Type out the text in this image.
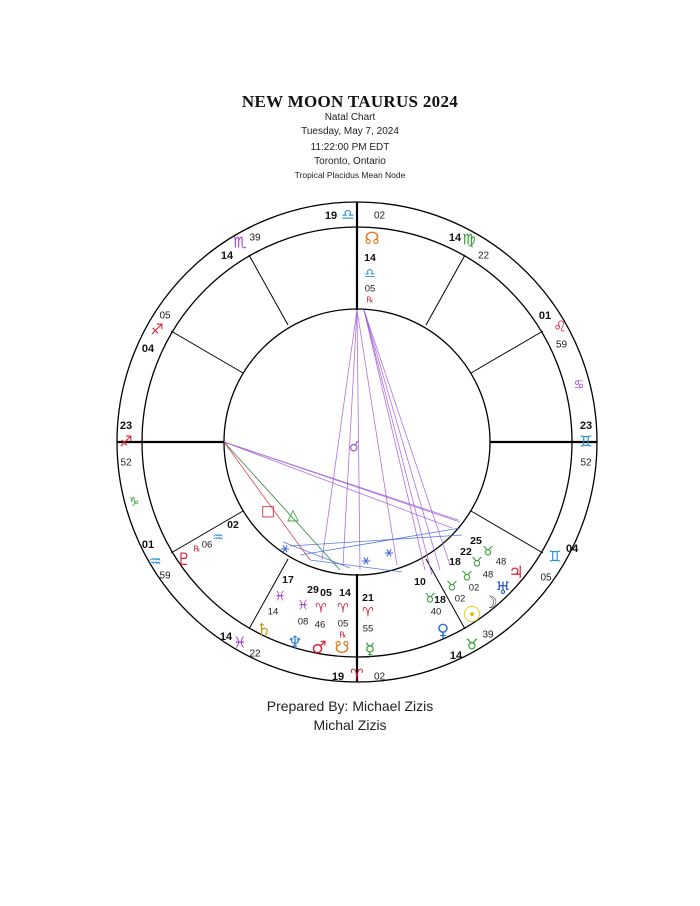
NEW MOON TAURUS 2024
Natal Chart
Tuesday, May 7, 2024
11:22:00 PM EDT
Toronto, Ontario
Tropical Placidus Mean Node
⚹
⚹ ⚹
△
□
☌
19 ♎ 02
14 ♍
22
01
♌
59
23
♊
52
04
♊
05
14
♉
39
19 ♈ 02
14 ♓
22
01
♒
59
23
♐
52
04
♐
05
14
♏ 39
♋
♑
☊
14
♎
05
℞
♆
29
♓
08
♂
05
♈
46
☋
14
♈
05
℞
☿
21
♈
55
♄
17
♓
14
♀
10
♉
40 ☉
18
♉
02 ☽
18
♉
02 ♅
22
♉
48 ♃
25
♉
48
♇
02
♒
06
℞
Prepared By: Michael Zizis
Michal Zizis
